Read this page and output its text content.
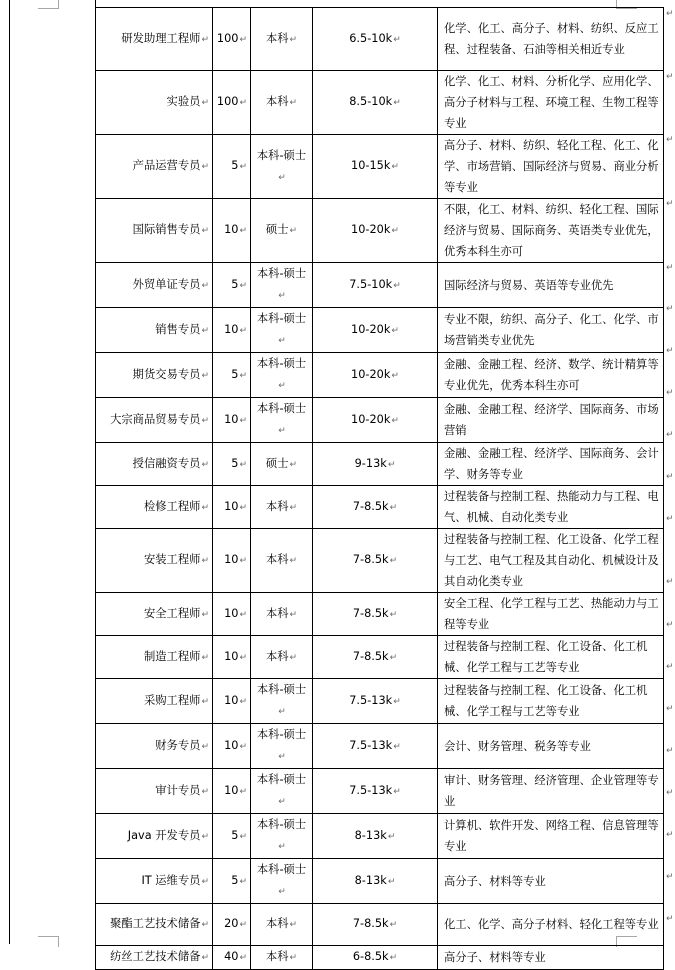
研发助理工程师↵	100↵	本科↵	6.5-10k↵	化学、化工、高分子、材料、纺织、反应工程、过程装备、石油等相关相近专业
实验员↵	100↵	本科↵	8.5-10k↵	化学、化工、材料、分析化学、应用化学、高分子材料与工程、环境工程、生物工程等专业
产品运营专员↵	5↵	本科-硕士↵	10-15k↵	高分子、材料、纺织、轻化工程、化工、化学、市场营销、国际经济与贸易、商业分析等专业
国际销售专员↵	10↵	硕士↵	10-20k↵	不限，化工、材料、纺织、轻化工程、国际经济与贸易、国际商务、英语类专业优先，优秀本科生亦可
外贸单证专员↵	5↵	本科-硕士↵	7.5-10k↵	国际经济与贸易、英语等专业优先
销售专员↵	10↵	本科-硕士↵	10-20k↵	专业不限，纺织、高分子、化工、化学、市场营销类专业优先
期货交易专员↵	5↵	本科-硕士↵	10-20k↵	金融、金融工程、经济、数学、统计精算等专业优先，优秀本科生亦可
大宗商品贸易专员↵	10↵	本科-硕士↵	10-20k↵	金融、金融工程、经济学、国际商务、市场营销
授信融资专员↵	5↵	硕士↵	9-13k↵	金融、金融工程、经济学、国际商务、会计学、财务等专业
检修工程师↵	10↵	本科↵	7-8.5k↵	过程装备与控制工程、热能动力与工程、电气、机械、自动化类专业
安装工程师↵	10↵	本科↵	7-8.5k↵	过程装备与控制工程、化工设备、化学工程与工艺、电气工程及其自动化、机械设计及其自动化类专业
安全工程师↵	10↵	本科↵	7-8.5k↵	安全工程、化学工程与工艺、热能动力与工程等专业
制造工程师↵	10↵	本科↵	7-8.5k↵	过程装备与控制工程、化工设备、化工机械、化学工程与工艺等专业
采购工程师↵	10↵	本科-硕士↵	7.5-13k↵	过程装备与控制工程、化工设备、化工机械、化学工程与工艺等专业
财务专员↵	10↵	本科-硕士↵	7.5-13k↵	会计、财务管理、税务等专业
审计专员↵	10↵	本科-硕士↵	7.5-13k↵	审计、财务管理、经济管理、企业管理等专业
Java 开发专员↵	5↵	本科-硕士↵	8-13k↵	计算机、软件开发、网络工程、信息管理等专业
IT 运维专员↵	5↵	本科-硕士↵	8-13k↵	高分子、材料等专业
聚酯工艺技术储备↵	20↵	本科↵	7-8.5k↵	化工、化学、高分子材料、轻化工程等专业
纺丝工艺技术储备↵	40↵	本科↵	6-8.5k↵	高分子、材料等专业
↵
↵
↵
↵
↵
↵
↵
↵
↵
↵
↵
↵
↵
↵
↵
↵
↵
↵
↵
↵
